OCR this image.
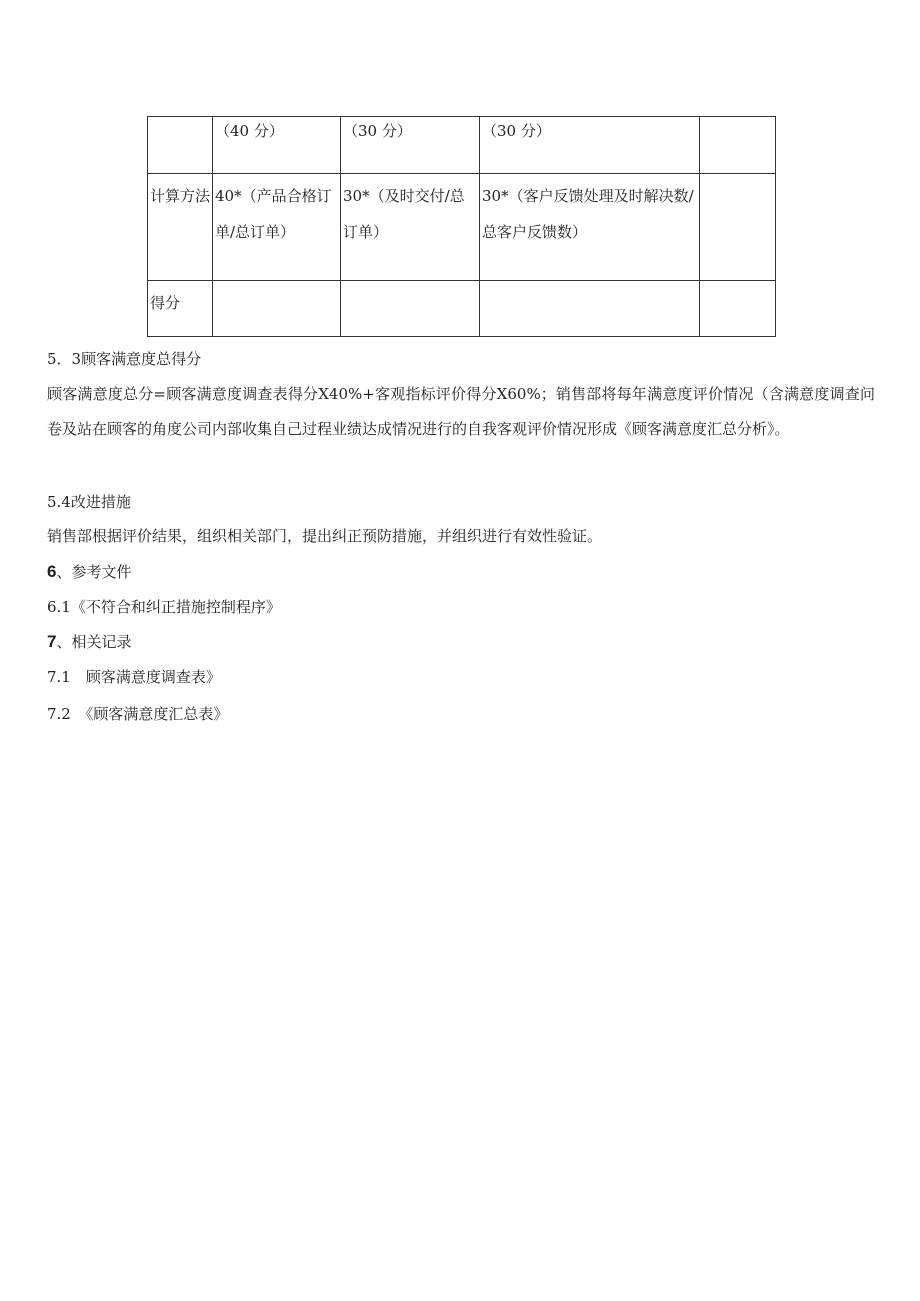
	（40 分）	（30 分）	（30 分）	
计算方法	40*（产品合格订单/总订单）	30*（及时交付/总订单）	30*（客户反馈处理及时解决数/总客户反馈数）	
得分				

5．3顾客满意度总得分

顾客满意度总分=顾客满意度调查表得分X40%+客观指标评价得分X60%；销售部将每年满意度评价情况（含满意度调查问卷及站在顾客的角度公司内部收集自己过程业绩达成情况进行的自我客观评价情况形成《顾客满意度汇总分析》。

5.4改进措施

销售部根据评价结果，组织相关部门，提出纠正预防措施，并组织进行有效性验证。

6、参考文件

6.1《不符合和纠正措施控制程序》

7、相关记录

7.1　顾客满意度调查表》

7.2　《顾客满意度汇总表》
